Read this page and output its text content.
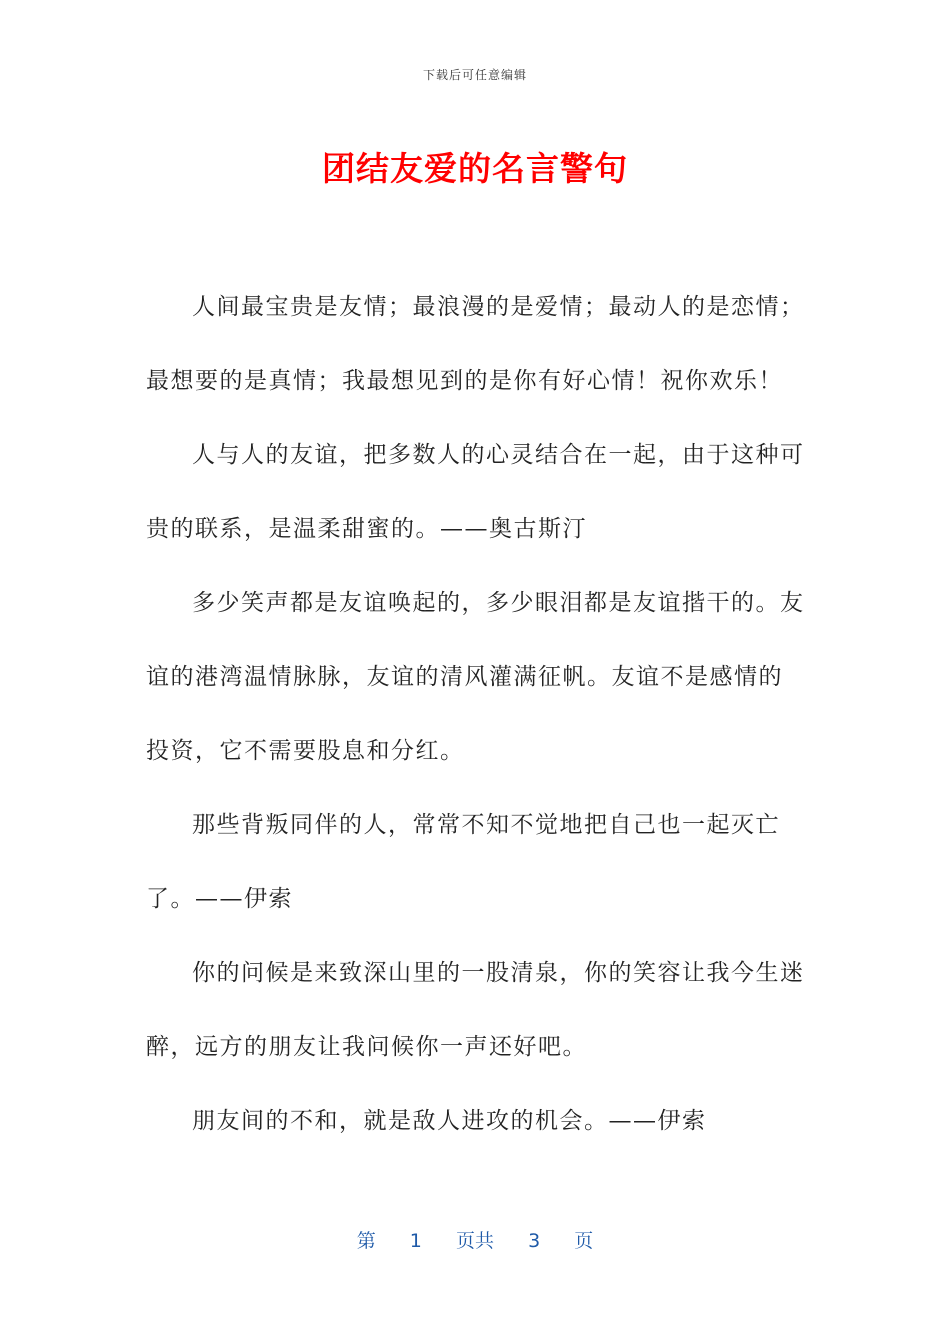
下载后可任意编辑
团结友爱的名言警句

人间最宝贵是友情；最浪漫的是爱情；最动人的是恋情；最想要的是真情；我最想见到的是你有好心情！祝你欢乐！

人与人的友谊，把多数人的心灵结合在一起，由于这种可贵的联系，是温柔甜蜜的。——奥古斯汀

多少笑声都是友谊唤起的，多少眼泪都是友谊揩干的。友谊的港湾温情脉脉，友谊的清风灌满征帆。友谊不是感情的投资，它不需要股息和分红。

那些背叛同伴的人，常常不知不觉地把自己也一起灭亡了。——伊索

你的问候是来致深山里的一股清泉，你的笑容让我今生迷醉，远方的朋友让我问候你一声还好吧。

朋友间的不和，就是敌人进攻的机会。——伊索

第 1 页共 3 页
